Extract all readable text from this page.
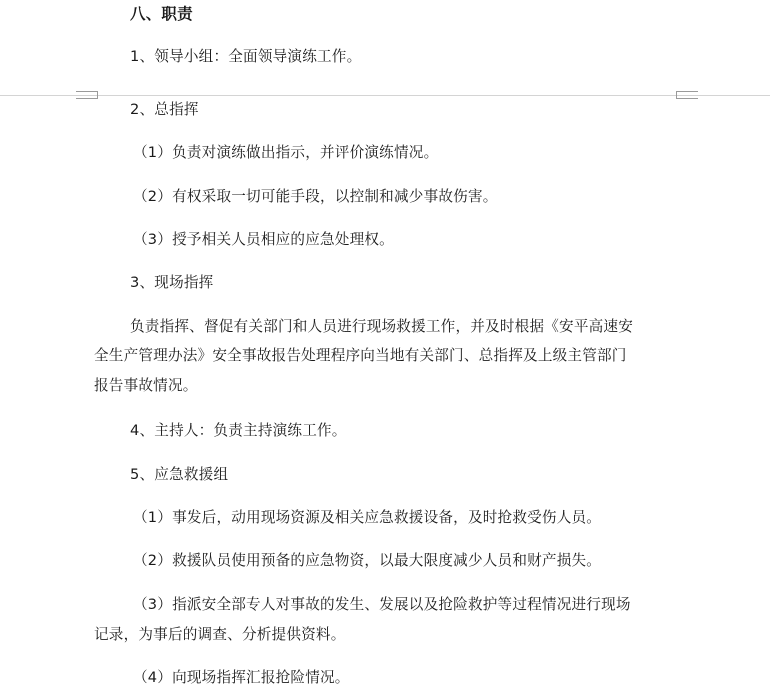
八、职责
1、领导小组：全面领导演练工作。
2、总指挥
（1）负责对演练做出指示，并评价演练情况。
（2）有权采取一切可能手段，以控制和减少事故伤害。
（3）授予相关人员相应的应急处理权。
3、现场指挥
负责指挥、督促有关部门和人员进行现场救援工作，并及时根据《安平高速安
全生产管理办法》安全事故报告处理程序向当地有关部门、总指挥及上级主管部门
报告事故情况。
4、主持人：负责主持演练工作。
5、应急救援组
（1）事发后，动用现场资源及相关应急救援设备，及时抢救受伤人员。
（2）救援队员使用预备的应急物资，以最大限度减少人员和财产损失。
（3）指派安全部专人对事故的发生、发展以及抢险救护等过程情况进行现场
记录，为事后的调查、分析提供资料。
（4）向现场指挥汇报抢险情况。
